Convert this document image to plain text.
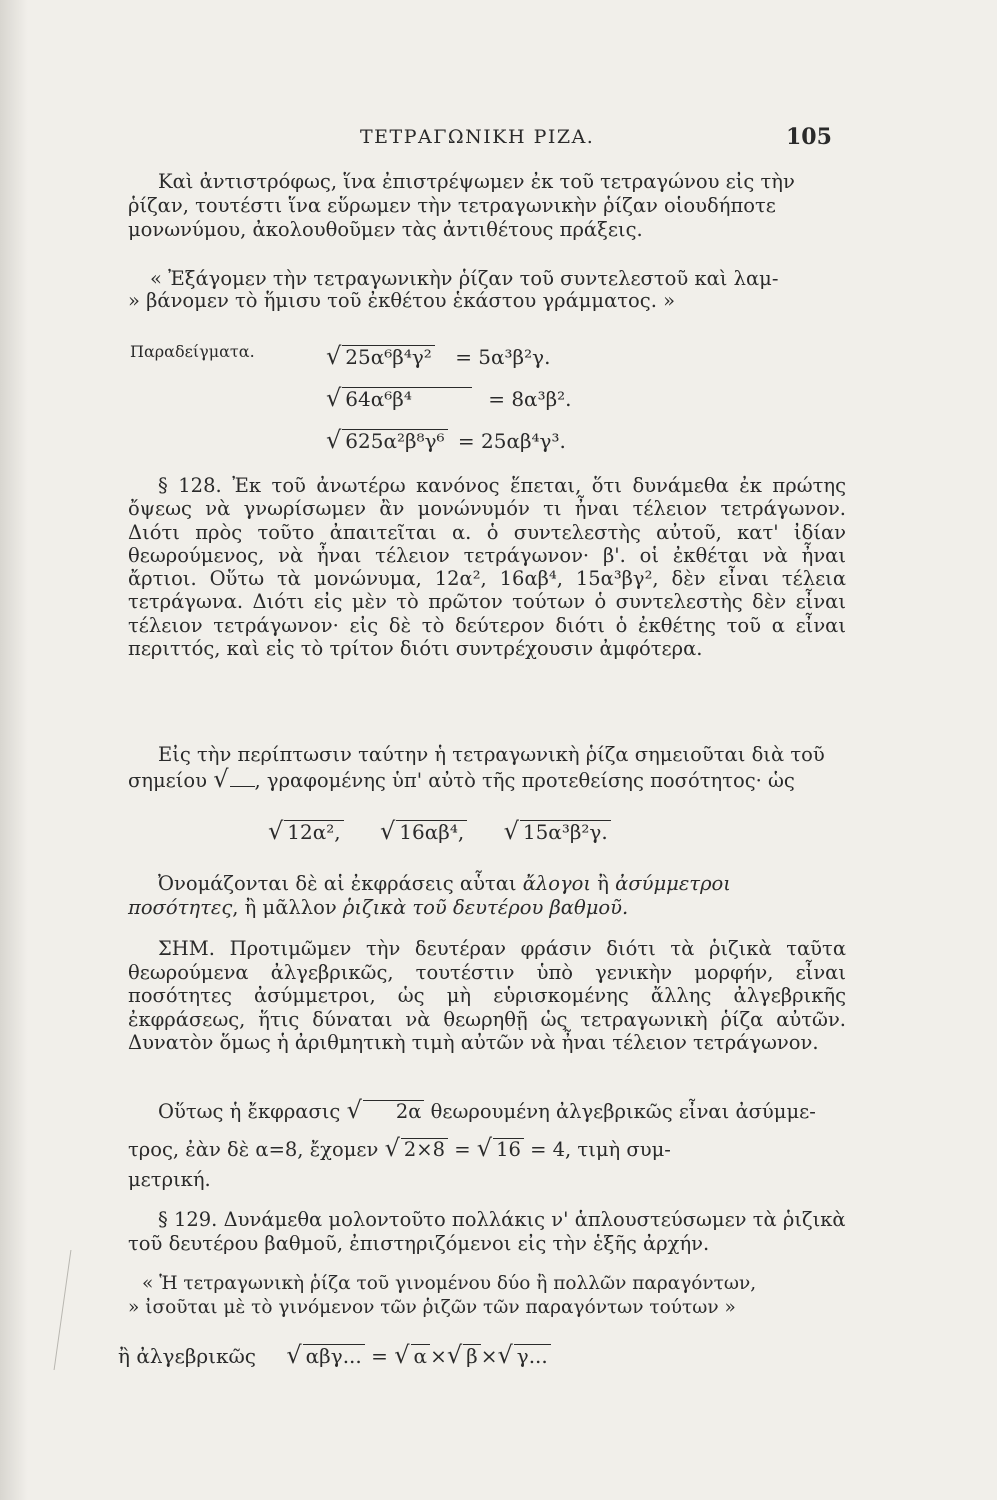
ΤΕΤΡΑΓΩΝΙΚΗ ΡΙΖΑ.	105

Καὶ ἀντιστρόφως, ἵνα ἐπιστρέψωμεν ἐκ τοῦ τετραγώνου εἰς τὴν ῥίζαν, τουτέστι ἵνα εὕρωμεν τὴν τετραγωνικὴν ῥίζαν οἱουδήποτε μονωνύμου, ἀκολουθοῦμεν τὰς ἀντιθέτους πράξεις.

« Ἐξάγομεν τὴν τετραγωνικὴν ῥίζαν τοῦ συντελεστοῦ καὶ λαμ-

» βάνομεν τὸ ἥμισυ τοῦ ἐκθέτου ἑκάστου γράμματος. »

Παραδείγματα.	√ 25α⁶β⁴γ² = 5α³β²γ.
√ 64α⁶β⁴	= 8α³β².
√ 625α²β⁸γ⁶ = 25αβ⁴γ³.

§ 128. Ἐκ τοῦ ἀνωτέρω κανόνος ἕπεται, ὅτι δυνάμεθα ἐκ πρώτης ὄψεως νὰ γνωρίσωμεν ἂν μονώνυμόν τι ἦναι τέλειον τετράγωνον. Διότι πρὸς τοῦτο ἀπαιτεῖται α. ὁ συντελεστὴς αὐτοῦ, κατ' ἰδίαν θεωρούμενος, νὰ ἦναι τέλειον τετράγωνον· β'. οἱ ἐκθέται νὰ ἦναι ἄρτιοι. Οὕτω τὰ μονώνυμα, 12α², 16αβ⁴, 15α³βγ², δὲν εἶναι τέλεια τετράγωνα. Διότι εἰς μὲν τὸ πρῶτον τούτων ὁ συντελεστὴς δὲν εἶναι τέλειον τετράγωνον· εἰς δὲ τὸ δεύτερον διότι ὁ ἐκθέτης τοῦ α εἶναι περιττός, καὶ εἰς τὸ τρίτον διότι συντρέχουσιν ἀμφότερα.

Εἰς τὴν περίπτωσιν ταύτην ἡ τετραγωνικὴ ῥίζα σημειοῦται διὰ τοῦ σημείου √ , γραφομένης ὑπ' αὐτὸ τῆς προτεθείσης ποσότητος· ὡς

√ 12α², √ 16αβ⁴, √ 15α³β²γ.

Ὀνομάζονται δὲ αἱ ἐκφράσεις αὗται ἄλογοι ἢ ἀσύμμετροι ποσότητες, ἢ μᾶλλον ῥιζικὰ τοῦ δευτέρου βαθμοῦ.

ΣΗΜ. Προτιμῶμεν τὴν δευτέραν φράσιν διότι τὰ ῥιζικὰ ταῦτα θεωρούμενα ἀλγεβρικῶς, τουτέστιν ὑπὸ γενικὴν μορφήν, εἶναι ποσότητες ἀσύμμετροι, ὡς μὴ εὑρισκομένης ἄλλης ἀλγεβρικῆς ἐκφράσεως, ἥτις δύναται νὰ θεωρηθῇ ὡς τετραγωνικὴ ῥίζα αὐτῶν. Δυνατὸν ὅμως ἡ ἀριθμητικὴ τιμὴ αὐτῶν νὰ ἦναι τέλειον τετράγωνον.

Οὕτως ἡ ἔκφρασις √ 2α θεωρουμένη ἀλγεβρικῶς εἶναι ἀσύμμε-

τρος, ἐὰν δὲ α=8, ἔχομεν √ 2×8 = √ 16 = 4, τιμὴ συμ-

μετρική.

§ 129. Δυνάμεθα μολοντοῦτο πολλάκις ν' ἁπλουστεύσωμεν τὰ ῥιζικὰ τοῦ δευτέρου βαθμοῦ, ἐπιστηριζόμενοι εἰς τὴν ἑξῆς ἀρχήν.

« Ἡ τετραγωνικὴ ῥίζα τοῦ γινομένου δύο ἢ πολλῶν παραγόντων,

» ἰσοῦται μὲ τὸ γινόμενον τῶν ῥιζῶν τῶν παραγόντων τούτων »

ἢ ἀλγεβρικῶς √ αβγ... = √ α ×√ β ×√ γ...
